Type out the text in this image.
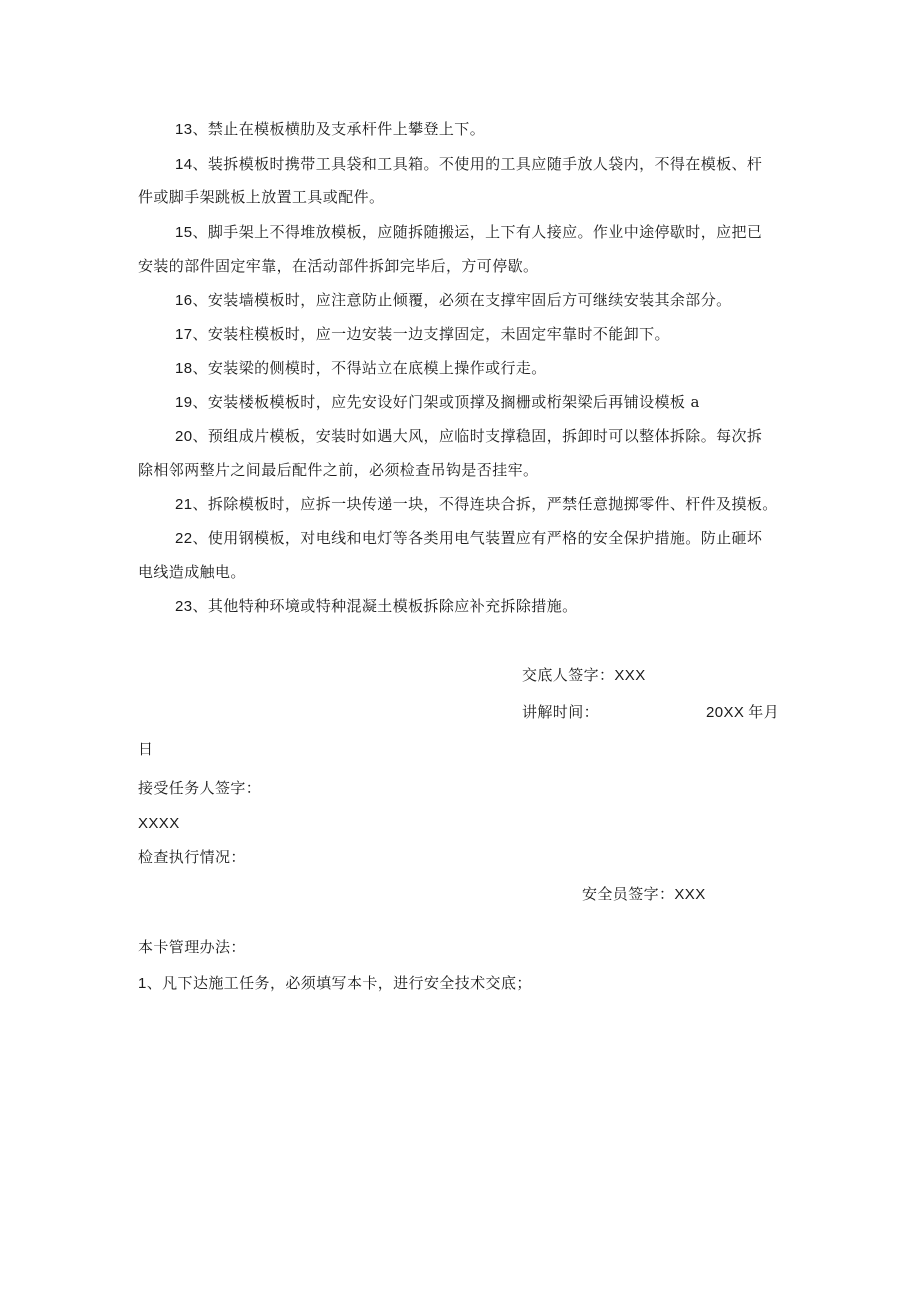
13、禁止在模板横肋及支承杆件上攀登上下。
14、装拆模板时携带工具袋和工具箱。不使用的工具应随手放人袋内，不得在模板、杆
件或脚手架跳板上放置工具或配件。
15、脚手架上不得堆放模板，应随拆随搬运，上下有人接应。作业中途停歇时，应把已
安装的部件固定牢靠，在活动部件拆卸完毕后，方可停歇。
16、安装墙模板时，应注意防止倾覆，必须在支撑牢固后方可继续安装其余部分。
17、安装柱模板时，应一边安装一边支撑固定，未固定牢靠时不能卸下。
18、安装梁的侧模时，不得站立在底模上操作或行走。
19、安装楼板模板时，应先安设好门架或顶撑及搁栅或桁架梁后再铺设模板 a
20、预组成片模板，安装时如遇大风，应临时支撑稳固，拆卸时可以整体拆除。每次拆
除相邻两整片之间最后配件之前，必须检查吊钩是否挂牢。
21、拆除模板时，应拆一块传递一块，不得连块合拆，严禁任意抛掷零件、杆件及摸板。
22、使用钢模板，对电线和电灯等各类用电气装置应有严格的安全保护措施。防止砸坏
电线造成触电。
23、其他特种环境或特种混凝土模板拆除应补充拆除措施。
交底人签字：XXX
讲解时间：	20XX 年月
日
接受任务人签字：
XXXX
检查执行情况：
安全员签字：XXX
本卡管理办法：
1、凡下达施工任务，必须填写本卡，进行安全技术交底；
